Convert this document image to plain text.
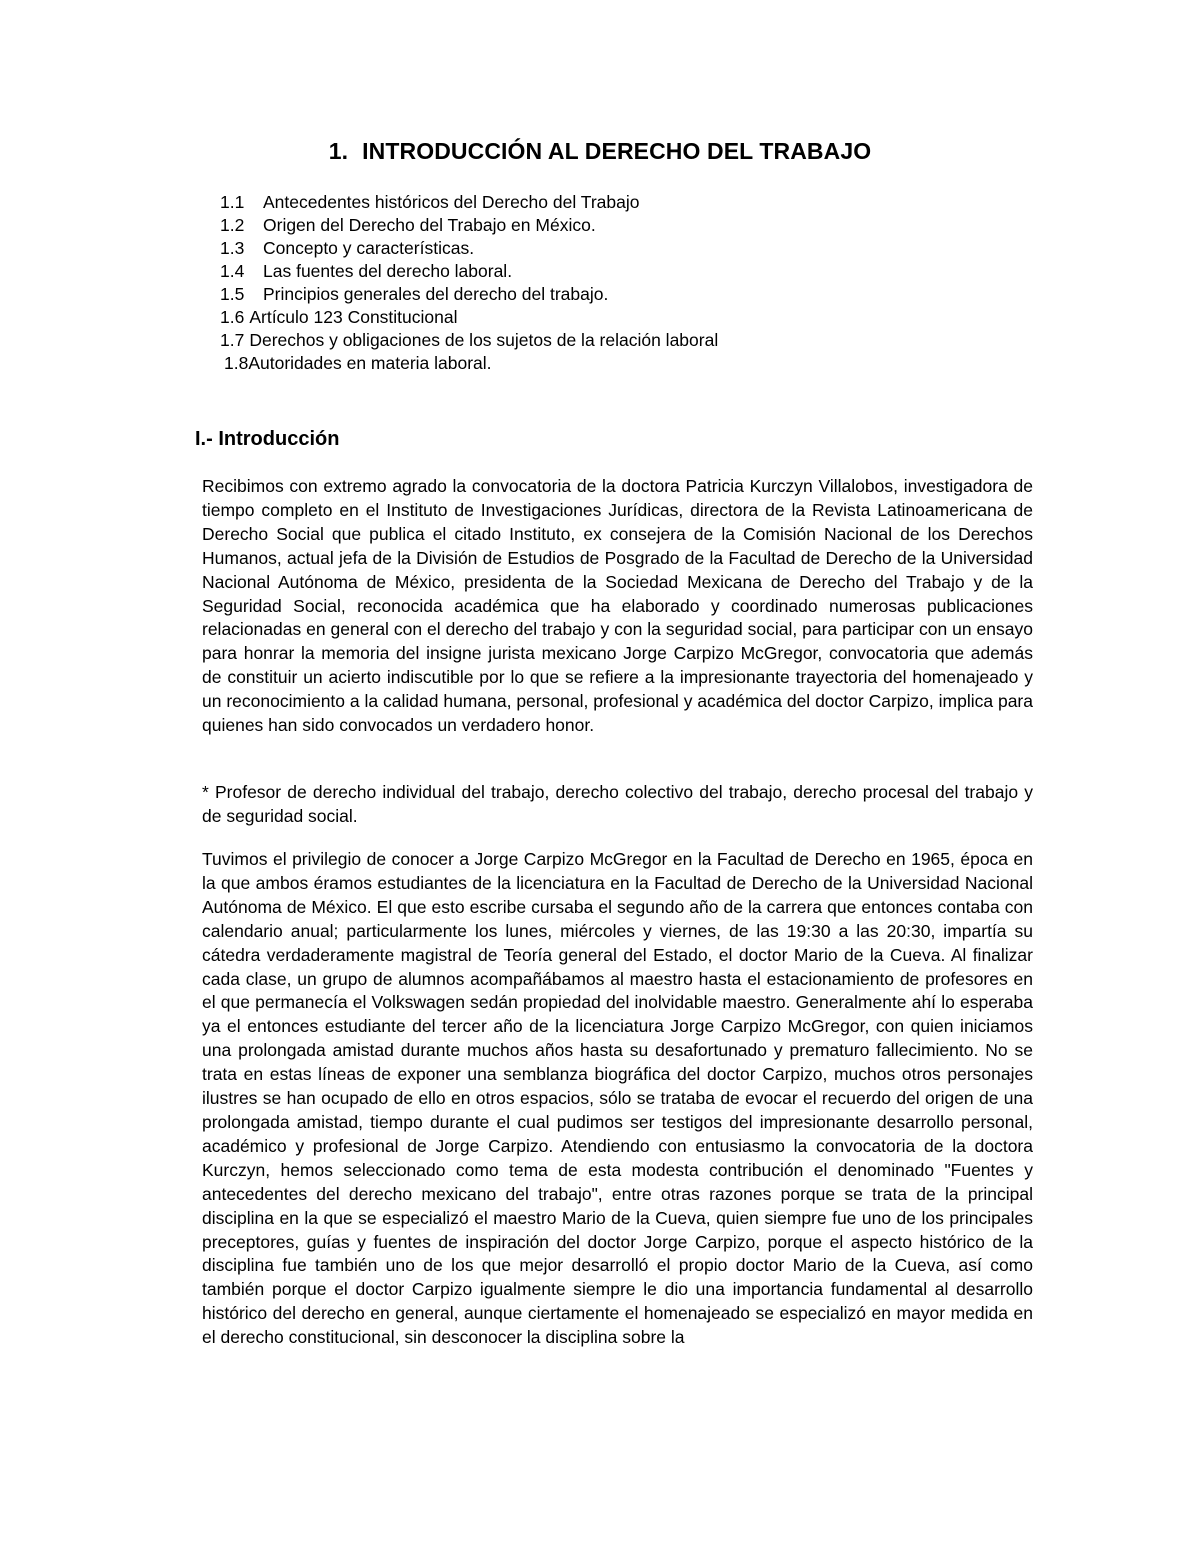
1. INTRODUCCIÓN AL DERECHO DEL TRABAJO
1.1 Antecedentes históricos del Derecho del Trabajo
1.2 Origen del Derecho del Trabajo en México.
1.3 Concepto y características.
1.4 Las fuentes del derecho laboral.
1.5 Principios generales del derecho del trabajo.
1.6 Artículo 123 Constitucional
1.7 Derechos y obligaciones de los sujetos de la relación laboral
1.8Autoridades en materia laboral.
I.- Introducción

Recibimos con extremo agrado la convocatoria de la doctora Patricia Kurczyn Villalobos, investigadora de tiempo completo en el Instituto de Investigaciones Jurídicas, directora de la Revista Latinoamericana de Derecho Social que publica el citado Instituto, ex consejera de la Comisión Nacional de los Derechos Humanos, actual jefa de la División de Estudios de Posgrado de la Facultad de Derecho de la Universidad Nacional Autónoma de México, presidenta de la Sociedad Mexicana de Derecho del Trabajo y de la Seguridad Social, reconocida académica que ha elaborado y coordinado numerosas publicaciones relacionadas en general con el derecho del trabajo y con la seguridad social, para participar con un ensayo para honrar la memoria del insigne jurista mexicano Jorge Carpizo McGregor, convocatoria que además de constituir un acierto indiscutible por lo que se refiere a la impresionante trayectoria del homenajeado y un reconocimiento a la calidad humana, personal, profesional y académica del doctor Carpizo, implica para quienes han sido convocados un verdadero honor.

* Profesor de derecho individual del trabajo, derecho colectivo del trabajo, derecho procesal del trabajo y de seguridad social.

Tuvimos el privilegio de conocer a Jorge Carpizo McGregor en la Facultad de Derecho en 1965, época en la que ambos éramos estudiantes de la licenciatura en la Facultad de Derecho de la Universidad Nacional Autónoma de México. El que esto escribe cursaba el segundo año de la carrera que entonces contaba con calendario anual; particularmente los lunes, miércoles y viernes, de las 19:30 a las 20:30, impartía su cátedra verdaderamente magistral de Teoría general del Estado, el doctor Mario de la Cueva. Al finalizar cada clase, un grupo de alumnos acompañábamos al maestro hasta el estacionamiento de profesores en el que permanecía el Volkswagen sedán propiedad del inolvidable maestro. Generalmente ahí lo esperaba ya el entonces estudiante del tercer año de la licenciatura Jorge Carpizo McGregor, con quien iniciamos una prolongada amistad durante muchos años hasta su desafortunado y prematuro fallecimiento. No se trata en estas líneas de exponer una semblanza biográfica del doctor Carpizo, muchos otros personajes ilustres se han ocupado de ello en otros espacios, sólo se trataba de evocar el recuerdo del origen de una prolongada amistad, tiempo durante el cual pudimos ser testigos del impresionante desarrollo personal, académico y profesional de Jorge Carpizo. Atendiendo con entusiasmo la convocatoria de la doctora Kurczyn, hemos seleccionado como tema de esta modesta contribución el denominado "Fuentes y antecedentes del derecho mexicano del trabajo", entre otras razones porque se trata de la principal disciplina en la que se especializó el maestro Mario de la Cueva, quien siempre fue uno de los principales preceptores, guías y fuentes de inspiración del doctor Jorge Carpizo, porque el aspecto histórico de la disciplina fue también uno de los que mejor desarrolló el propio doctor Mario de la Cueva, así como también porque el doctor Carpizo igualmente siempre le dio una importancia fundamental al desarrollo histórico del derecho en general, aunque ciertamente el homenajeado se especializó en mayor medida en el derecho constitucional, sin desconocer la disciplina sobre la
